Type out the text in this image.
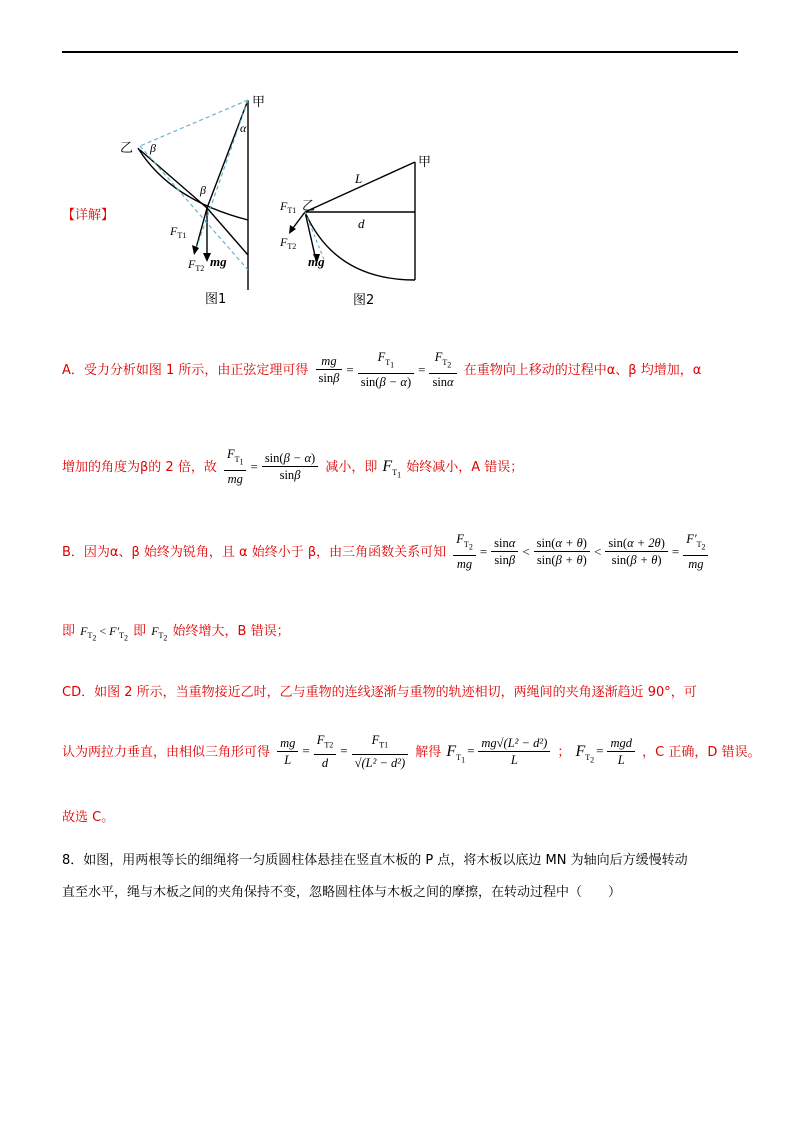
【详解】
甲
乙
α
β
β
$F_{T1}$
$F_{T2}$ mg
图1
甲
乙
L
d
$F_{T1}$
$F_{T2}$
mg
图2
A．受力分析如图 1 所示，由正弦定理可得 $\frac{mg}{\sin\beta} = \frac{F_{T_1}}{\sin(\beta - \alpha)} = \frac{F_{T_2}}{\sin\alpha}$ 在重物向上移动的过程中α、β 均增加，α
增加的角度为β的 2 倍，故 $\frac{F_{T_1}}{mg} = \frac{\sin(\beta - \alpha)}{\sin\beta}$ 减小，即 $F_{T_1}$ 始终减小，A 错误；
B．因为α、β 始终为锐角，且 α 始终小于 β，由三角函数关系可知 $\frac{F_{T_2}}{mg} = \frac{\sin\alpha}{\sin\beta} < \frac{\sin(\alpha + \theta)}{\sin(\beta + \theta)} < \frac{\sin(\alpha + 2\theta)}{\sin(\beta + \theta)} = \frac{F'_{T_2}}{mg}$
即 $F_{T_2} < F'_{T_2}$ 即 $F_{T_2}$ 始终增大，B 错误；
CD．如图 2 所示，当重物接近乙时，乙与重物的连线逐渐与重物的轨迹相切，两绳间的夹角逐渐趋近 90°，可
认为两拉力垂直，由相似三角形可得 $\frac{mg}{L} = \frac{F_{T2}}{d} = \frac{F_{T1}}{\text{√(L² − d²)}}$ 解得 $F_{T_1}= \frac{\text{mg√(L² − d²)}}{L}$ ； $F_{T_2}= \frac{\text{mgd}}{L}$ ，C 正确，D 错误。
故选 C。
8．如图，用两根等长的细绳将一匀质圆柱体悬挂在竖直木板的 P 点，将木板以底边 MN 为轴向后方缓慢转动
直至水平，绳与木板之间的夹角保持不变，忽略圆柱体与木板之间的摩擦，在转动过程中（　　）
